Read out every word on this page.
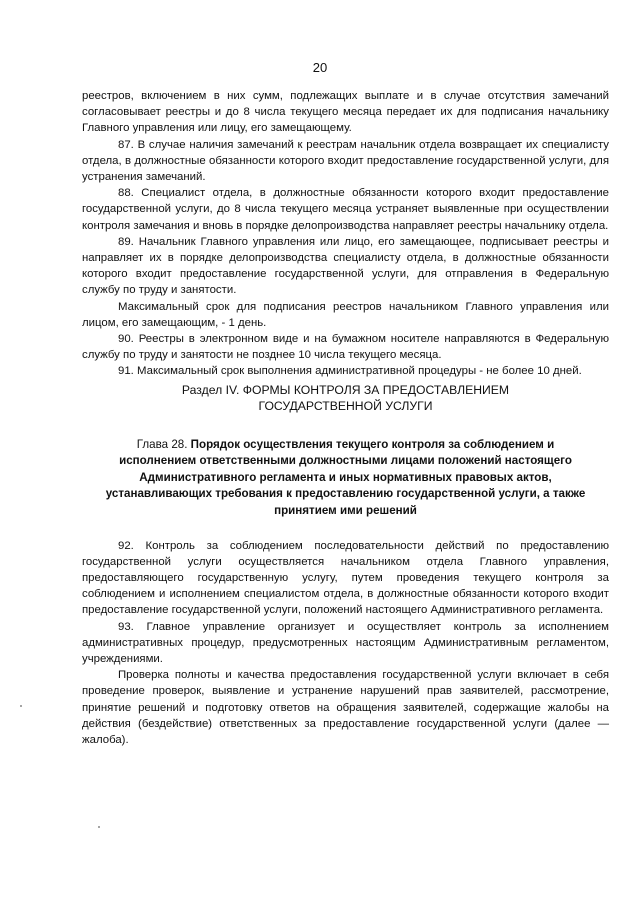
20

реестров, включением в них сумм, подлежащих выплате и в случае отсутствия замечаний согласовывает реестры и до 8 числа текущего месяца передает их для подписания начальнику Главного управления или лицу, его замещающему.

87. В случае наличия замечаний к реестрам начальник отдела возвращает их специалисту отдела, в должностные обязанности которого входит предоставление государственной услуги, для устранения замечаний.

88. Специалист отдела, в должностные обязанности которого входит предоставление государственной услуги, до 8 числа текущего месяца устраняет выявленные при осуществлении контроля замечания и вновь в порядке делопроизводства направляет реестры начальнику отдела.

89. Начальник Главного управления или лицо, его замещающее, подписывает реестры и направляет их в порядке делопроизводства специалисту отдела, в должностные обязанности которого входит предоставление государственной услуги, для отправления в Федеральную службу по труду и занятости.

Максимальный срок для подписания реестров начальником Главного управления или лицом, его замещающим, - 1 день.

90. Реестры в электронном виде и на бумажном носителе направляются в Федеральную службу по труду и занятости не позднее 10 числа текущего месяца.

91. Максимальный срок выполнения административной процедуры - не более 10 дней.

Раздел IV. ФОРМЫ КОНТРОЛЯ ЗА ПРЕДОСТАВЛЕНИЕМ
ГОСУДАРСТВЕННОЙ УСЛУГИ
Глава 28. Порядок осуществления текущего контроля за соблюдением и исполнением ответственными должностными лицами положений настоящего Административного регламента и иных нормативных правовых актов, устанавливающих требования к предоставлению государственной услуги, а также принятием ими решений

92. Контроль за соблюдением последовательности действий по предоставлению государственной услуги осуществляется начальником отдела Главного управления, предоставляющего государственную услугу, путем проведения текущего контроля за соблюдением и исполнением специалистом отдела, в должностные обязанности которого входит предоставление государственной услуги, положений настоящего Административного регламента.

93. Главное управление организует и осуществляет контроль за исполнением административных процедур, предусмотренных настоящим Административным регламентом, учреждениями.

Проверка полноты и качества предоставления государственной услуги включает в себя проведение проверок, выявление и устранение нарушений прав заявителей, рассмотрение, принятие решений и подготовку ответов на обращения заявителей, содержащие жалобы на действия (бездействие) ответственных за предоставление государственной услуги (далее — жалоба).
